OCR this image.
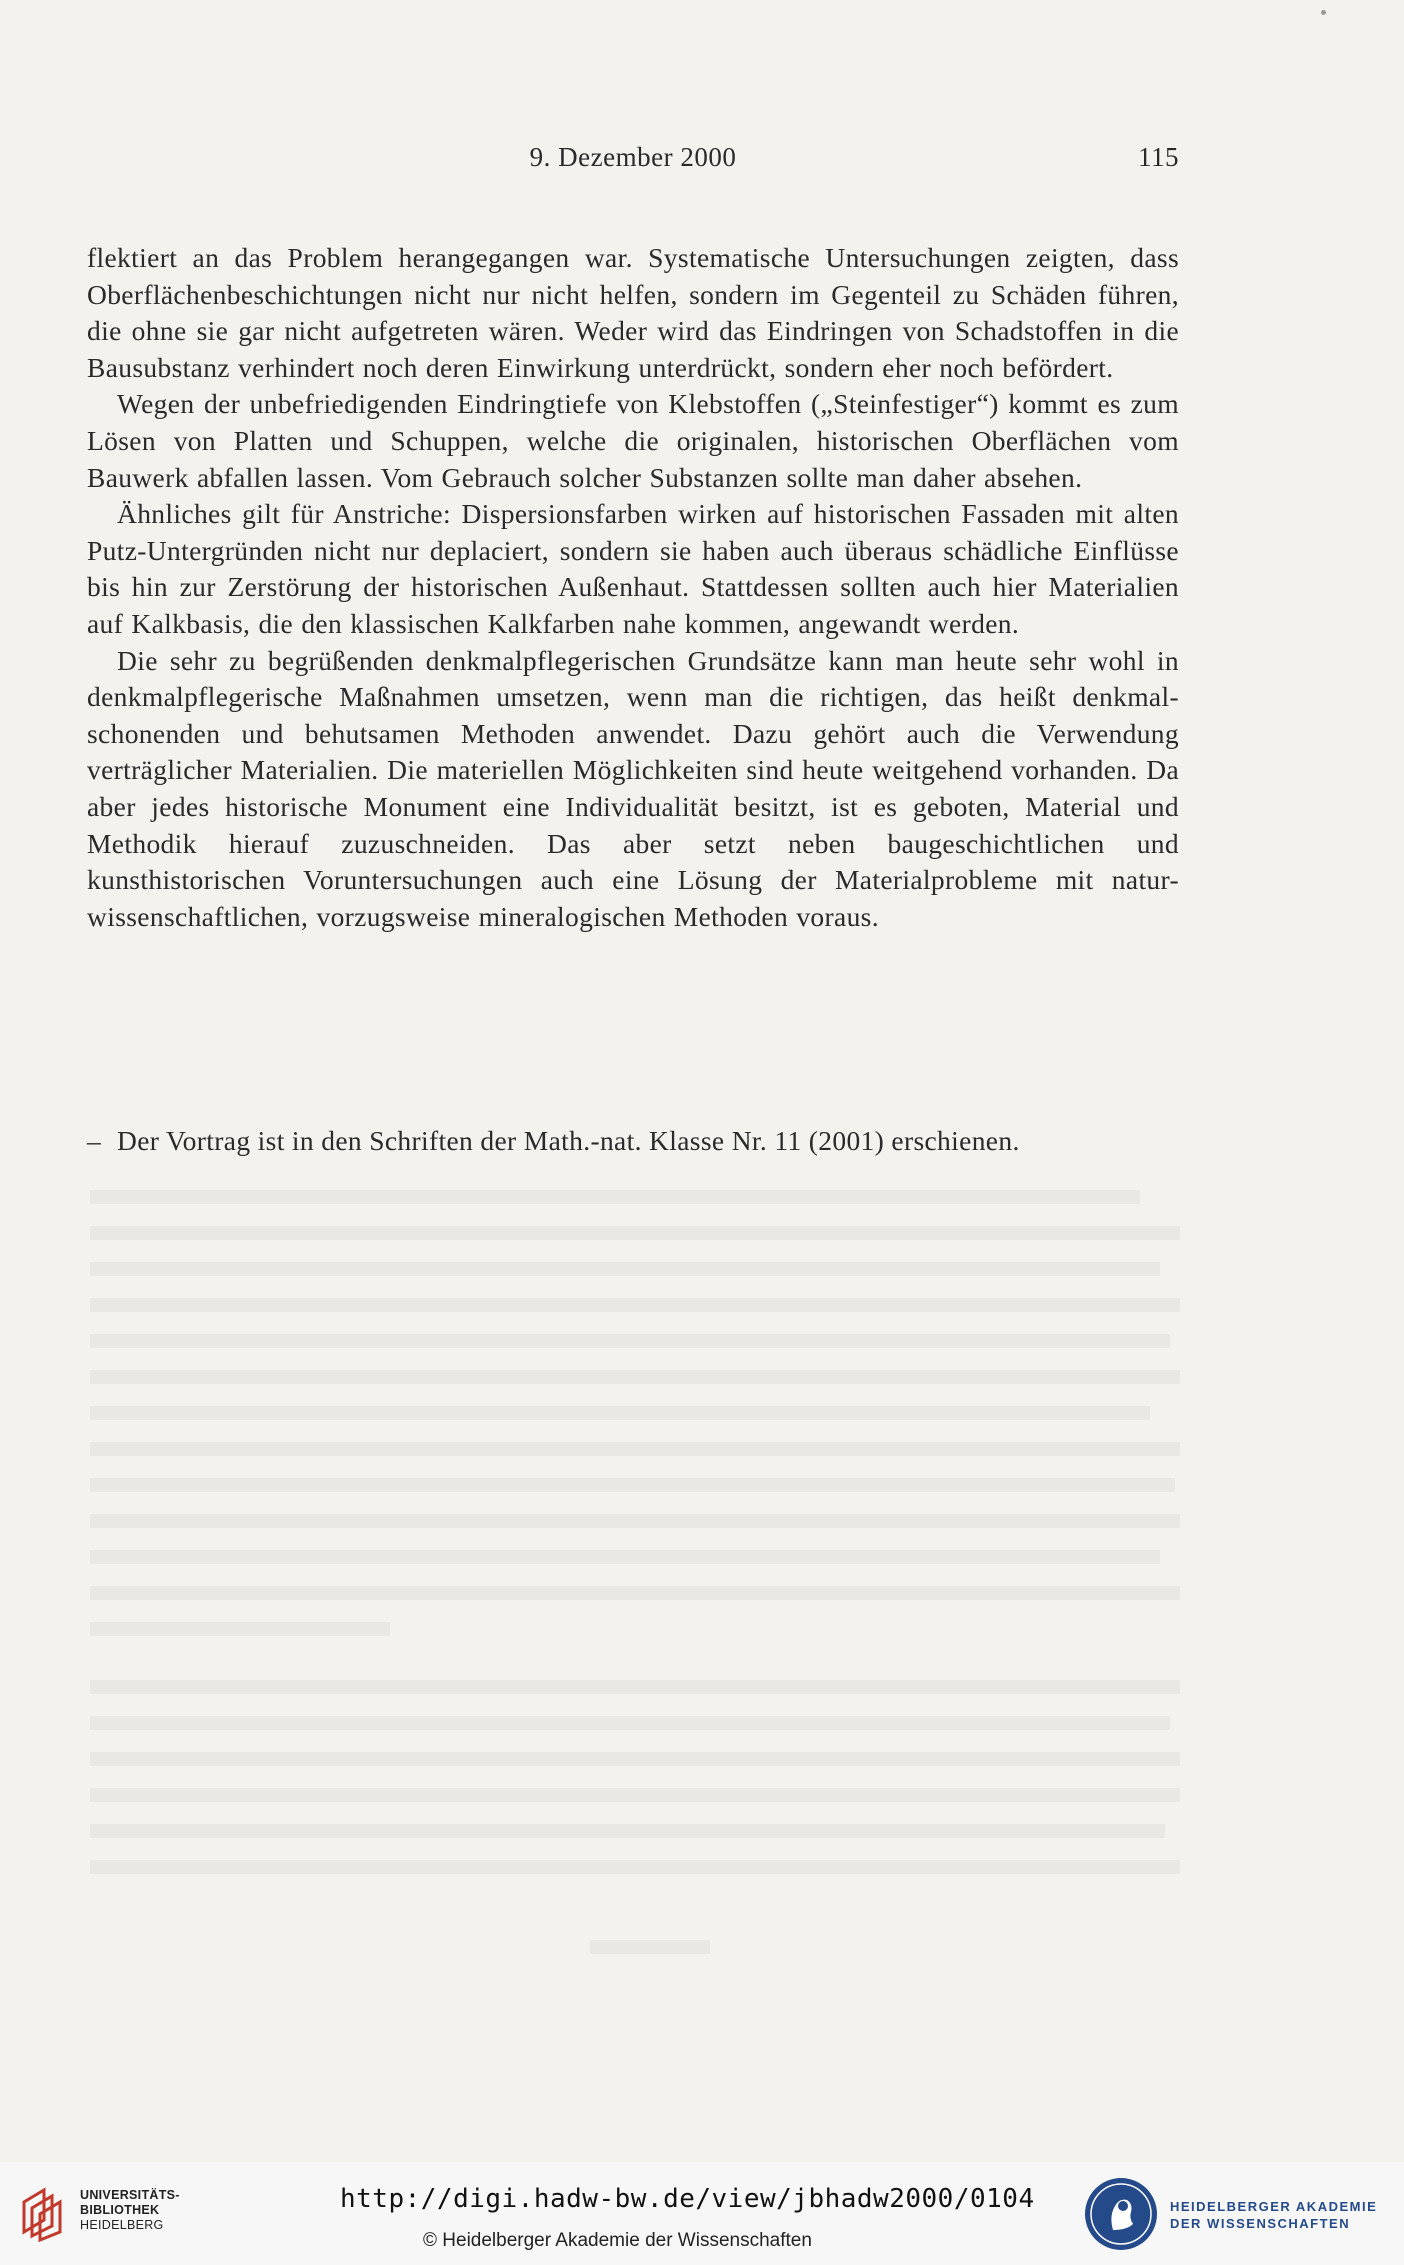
9. Dezember 2000	115

flektiert an das Problem herangegangen war. Systematische Untersuchungen zeigten, dass Oberflächenbeschichtungen nicht nur nicht helfen, sondern im Gegenteil zu Schäden führen, die ohne sie gar nicht aufgetreten wären. Weder wird das Eindringen von Schadstoffen in die Bausubstanz verhindert noch deren Einwirkung unterdrückt, sondern eher noch befördert.

Wegen der unbefriedigenden Eindringtiefe von Klebstoffen („Steinfestiger“) kommt es zum Lösen von Platten und Schuppen, welche die originalen, historischen Oberflächen vom Bauwerk abfallen lassen. Vom Gebrauch solcher Substanzen sollte man daher absehen.

Ähnliches gilt für Anstriche: Dispersionsfarben wirken auf historischen Fassaden mit alten Putz-Untergründen nicht nur deplaciert, sondern sie haben auch überaus schädliche Einflüsse bis hin zur Zerstörung der historischen Außenhaut. Stattdessen sollten auch hier Materialien auf Kalkbasis, die den klassischen Kalkfarben nahe kommen, angewandt werden.

Die sehr zu begrüßenden denkmalpflegerischen Grundsätze kann man heute sehr wohl in denkmalpflegerische Maßnahmen umsetzen, wenn man die richtigen, das heißt denkmal-schonenden und behutsamen Methoden anwendet. Dazu gehört auch die Verwendung verträglicher Materialien. Die materiellen Möglichkeiten sind heute weitgehend vorhanden. Da aber jedes historische Monument eine Individualität besitzt, ist es geboten, Material und Methodik hierauf zuzuschneiden. Das aber setzt neben baugeschichtlichen und kunsthistorischen Voruntersuchungen auch eine Lösung der Materialprobleme mit natur-wissenschaftlichen, vorzugsweise mineralogischen Methoden voraus.

– Der Vortrag ist in den Schriften der Math.-nat. Klasse Nr. 11 (2001) erschienen.
UNIVERSITÄTS-
BIBLIOTHEK
HEIDELBERG
http://digi.hadw-bw.de/view/jbhadw2000/0104
© Heidelberger Akademie der Wissenschaften
HEIDELBERGER AKADEMIE
DER WISSENSCHAFTEN
